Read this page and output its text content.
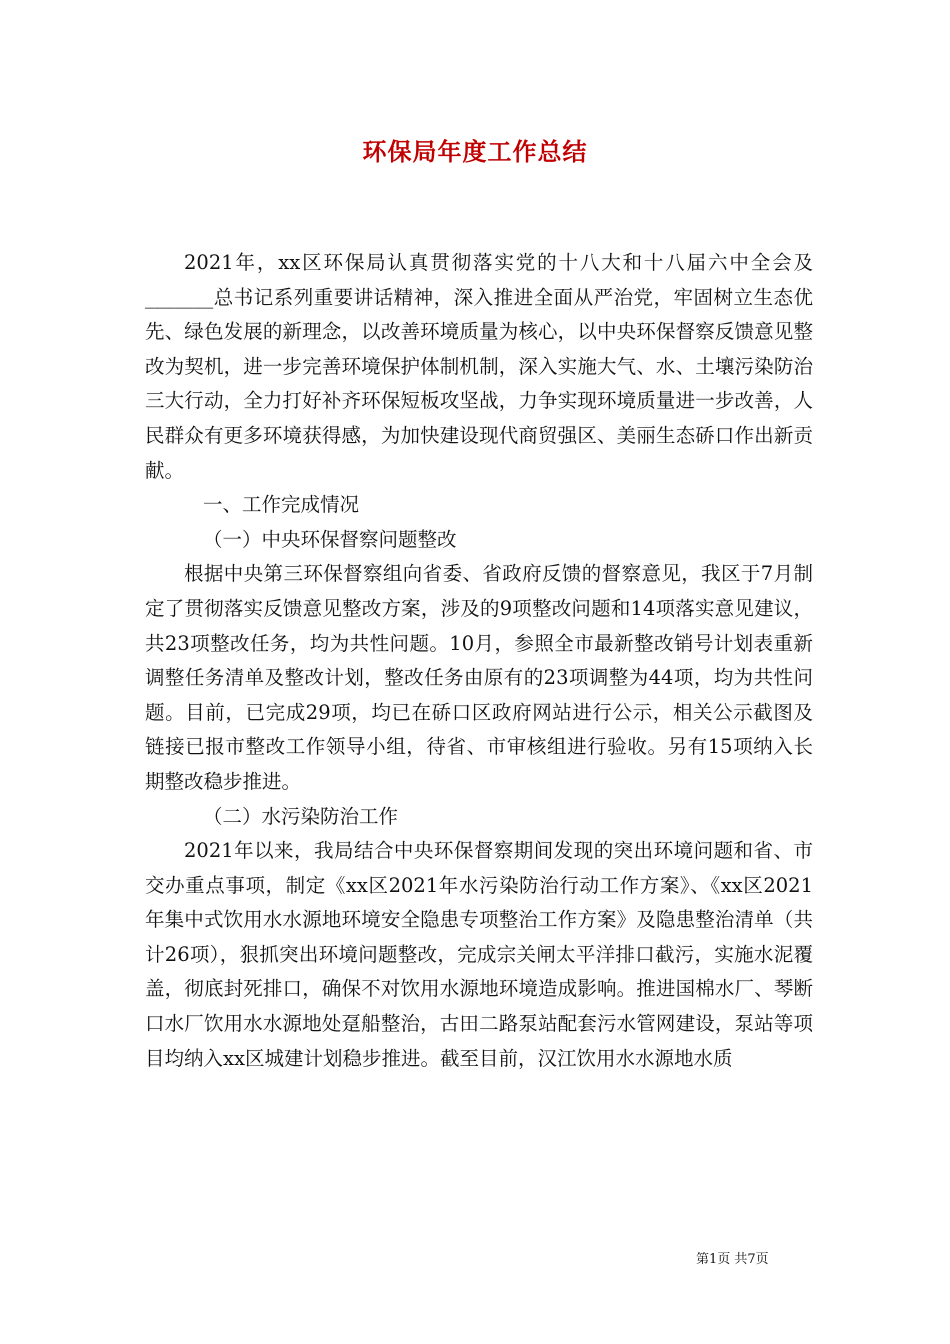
环保局年度工作总结

2021年，xx区环保局认真贯彻落实党的十八大和十八届六中全会及_______总书记系列重要讲话精神，深入推进全面从严治党，牢固树立生态优先、绿色发展的新理念，以改善环境质量为核心，以中央环保督察反馈意见整改为契机，进一步完善环境保护体制机制，深入实施大气、水、土壤污染防治三大行动，全力打好补齐环保短板攻坚战，力争实现环境质量进一步改善，人民群众有更多环境获得感，为加快建设现代商贸强区、美丽生态硚口作出新贡献。

一、工作完成情况

（一）中央环保督察问题整改

根据中央第三环保督察组向省委、省政府反馈的督察意见，我区于7月制定了贯彻落实反馈意见整改方案，涉及的9项整改问题和14项落实意见建议，共23项整改任务，均为共性问题。10月，参照全市最新整改销号计划表重新调整任务清单及整改计划，整改任务由原有的23项调整为44项，均为共性问题。目前，已完成29项，均已在硚口区政府网站进行公示，相关公示截图及链接已报市整改工作领导小组，待省、市审核组进行验收。另有15项纳入长期整改稳步推进。

（二）水污染防治工作

2021年以来，我局结合中央环保督察期间发现的突出环境问题和省、市交办重点事项，制定《xx区2021年水污染防治行动工作方案》、《xx区2021年集中式饮用水水源地环境安全隐患专项整治工作方案》及隐患整治清单（共计26项），狠抓突出环境问题整改，完成宗关闸太平洋排口截污，实施水泥覆盖，彻底封死排口，确保不对饮用水源地环境造成影响。推进国棉水厂、琴断口水厂饮用水水源地处趸船整治，古田二路泵站配套污水管网建设，泵站等项目均纳入xx区城建计划稳步推进。截至目前，汉江饮用水水源地水质

第1页 共7页
